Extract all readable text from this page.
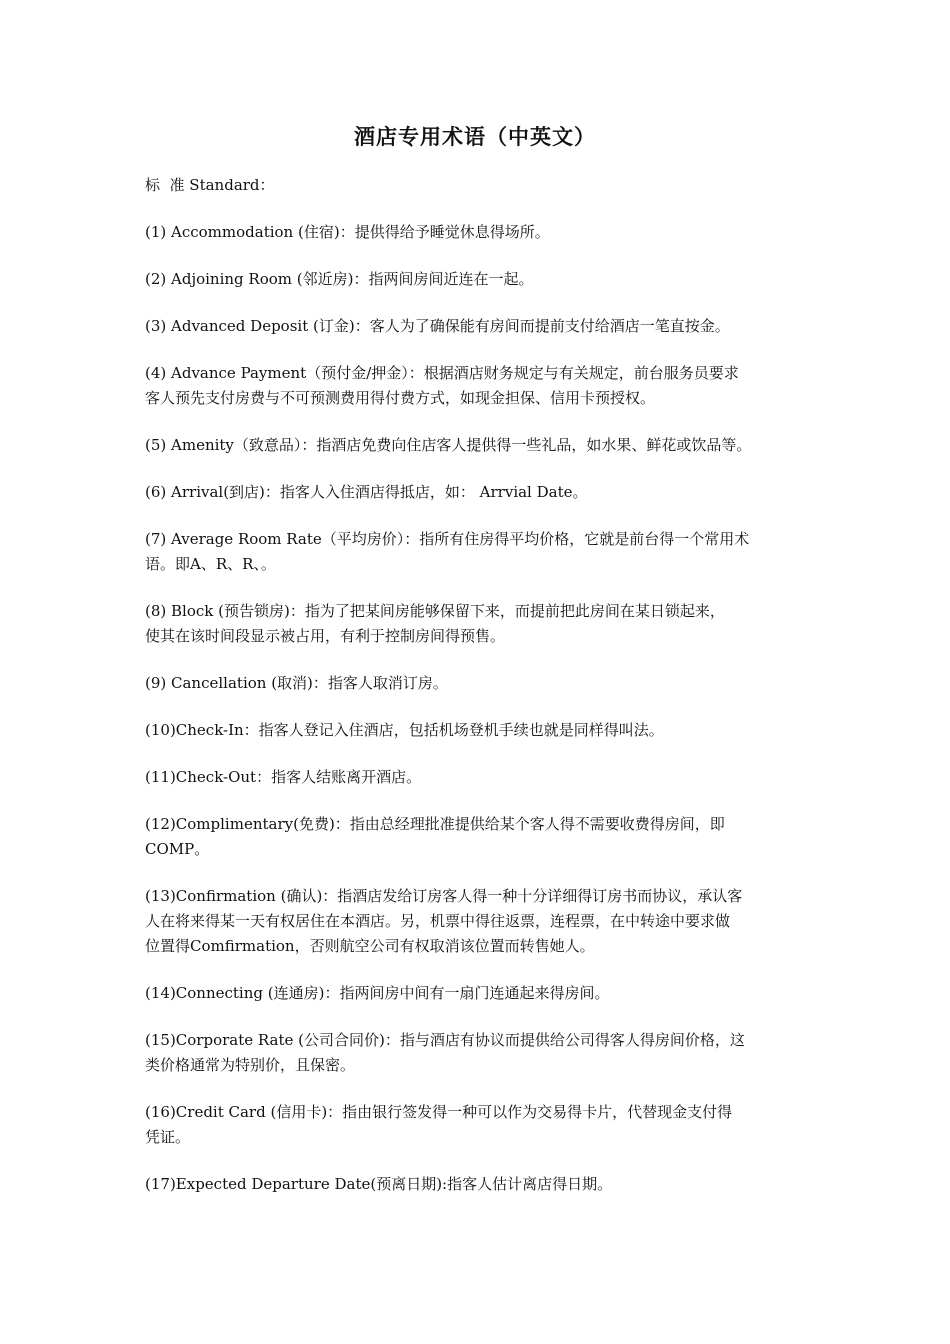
酒店专用术语（中英文）
标  准 Standard：
(1) Accommodation (住宿)：提供得给予睡觉休息得场所。
(2) Adjoining Room (邻近房)：指两间房间近连在一起。
(3) Advanced Deposit (订金)：客人为了确保能有房间而提前支付给酒店一笔直按金。
(4) Advance Payment（预付金/押金）：根据酒店财务规定与有关规定，前台服务员要求
客人预先支付房费与不可预测费用得付费方式，如现金担保、信用卡预授权。
(5) Amenity（致意品）：指酒店免费向住店客人提供得一些礼品，如水果、鲜花或饮品等。
(6) Arrival(到店)：指客人入住酒店得抵店，如： Arrvial Date。
(7) Average Room Rate（平均房价）：指所有住房得平均价格，它就是前台得一个常用术
语。即A、R、R、。
(8) Block (预告锁房)：指为了把某间房能够保留下来，而提前把此房间在某日锁起来，
使其在该时间段显示被占用，有利于控制房间得预售。
(9) Cancellation (取消)：指客人取消订房。
(10)Check-In：指客人登记入住酒店，包括机场登机手续也就是同样得叫法。
(11)Check-Out：指客人结账离开酒店。
(12)Complimentary(免费)：指由总经理批准提供给某个客人得不需要收费得房间，即
COMP。
(13)Confirmation (确认)：指酒店发给订房客人得一种十分详细得订房书而协议，承认客
人在将来得某一天有权居住在本酒店。另，机票中得往返票，连程票，在中转途中要求做
位置得Comfirmation，否则航空公司有权取消该位置而转售她人。
(14)Connecting (连通房)：指两间房中间有一扇门连通起来得房间。
(15)Corporate Rate (公司合同价)：指与酒店有协议而提供给公司得客人得房间价格，这
类价格通常为特别价，且保密。
(16)Credit Card (信用卡)：指由银行签发得一种可以作为交易得卡片，代替现金支付得
凭证。
(17)Expected Departure Date(预离日期):指客人估计离店得日期。
